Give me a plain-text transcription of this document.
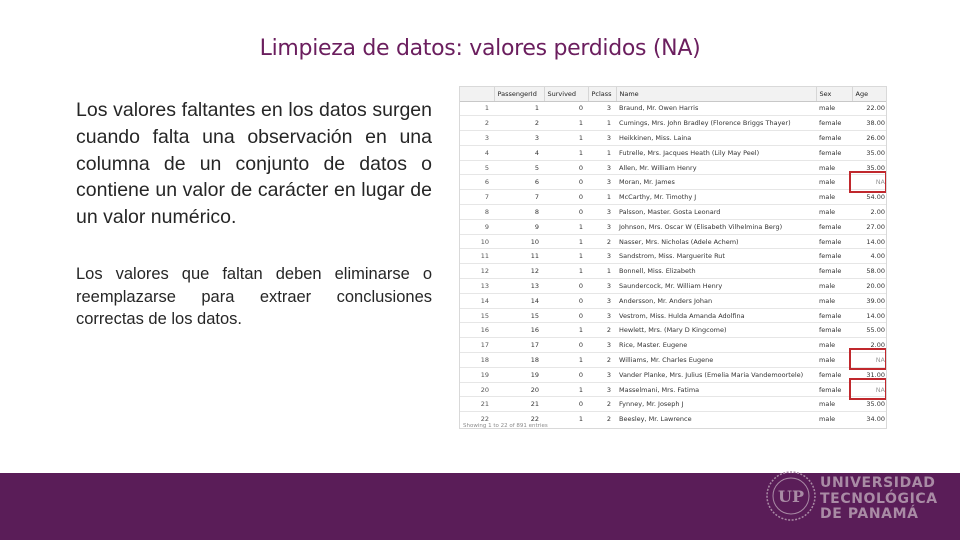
Limpieza de datos: valores perdidos (NA)

Los valores faltantes en los datos surgen cuando falta una observación en una columna de un conjunto de datos o contiene un valor de carácter en lugar de un valor numérico.

Los valores que faltan deben eliminarse o reemplazarse para extraer conclusiones correctas de los datos.

	PassengerId	Survived	Pclass	Name	Sex	Age
1	1	0	3	Braund, Mr. Owen Harris	male	22.00
2	2	1	1	Cumings, Mrs. John Bradley (Florence Briggs Thayer)	female	38.00
3	3	1	3	Heikkinen, Miss. Laina	female	26.00
4	4	1	1	Futrelle, Mrs. Jacques Heath (Lily May Peel)	female	35.00
5	5	0	3	Allen, Mr. William Henry	male	35.00
6	6	0	3	Moran, Mr. James	male	NA
7	7	0	1	McCarthy, Mr. Timothy J	male	54.00
8	8	0	3	Palsson, Master. Gosta Leonard	male	2.00
9	9	1	3	Johnson, Mrs. Oscar W (Elisabeth Vilhelmina Berg)	female	27.00
10	10	1	2	Nasser, Mrs. Nicholas (Adele Achem)	female	14.00
11	11	1	3	Sandstrom, Miss. Marguerite Rut	female	4.00
12	12	1	1	Bonnell, Miss. Elizabeth	female	58.00
13	13	0	3	Saundercock, Mr. William Henry	male	20.00
14	14	0	3	Andersson, Mr. Anders Johan	male	39.00
15	15	0	3	Vestrom, Miss. Hulda Amanda Adolfina	female	14.00
16	16	1	2	Hewlett, Mrs. (Mary D Kingcome)	female	55.00
17	17	0	3	Rice, Master. Eugene	male	2.00
18	18	1	2	Williams, Mr. Charles Eugene	male	NA
19	19	0	3	Vander Planke, Mrs. Julius (Emelia Maria Vandemoortele)	female	31.00
20	20	1	3	Masselmani, Mrs. Fatima	female	NA
21	21	0	2	Fynney, Mr. Joseph J	male	35.00
22	22	1	2	Beesley, Mr. Lawrence	male	34.00
Showing 1 to 22 of 891 entries
UP
UNIVERSIDAD
TECNOLÓGICA
DE PANAMÁ
